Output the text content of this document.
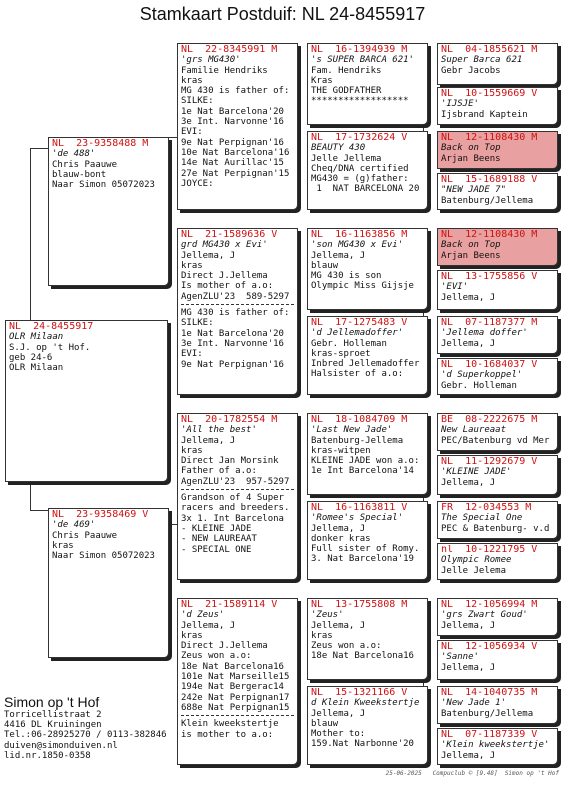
Stamkaart Postduif: NL 24-8455917
NL  24-8455917
OLR Milaan
S.J. op 't Hof.
geb 24-6
OLR Milaan
NL  23-9358488 M
'de 488'
Chris Paauwe
blauw-bont
Naar Simon 05072023
NL  23-9358469 V
'de 469'
Chris Paauwe
kras
Naar Simon 05072023
NL  22-8345991 M
'grs MG430'
Familie Hendriks
kras
MG 430 is father of:
SILKE:
1e Nat Barcelona'20
3e Int. Narvonne'16
EVI:
9e Nat Perpignan'16
10e Nat Barcelona'16
14e Nat Aurillac'15
27e Nat Perpignan'15
JOYCE:
NL  21-1589636 V
grd MG430 x Evi'
Jellema, J
kras
Direct J.Jellema
Is mother of a.o:
AgenZLU'23  589-5297
MG 430 is father of:
SILKE:
1e Nat Barcelona'20
3e Int. Narvonne'16
EVI:
9e Nat Perpignan'16
NL  20-1782554 M
'All the best'
Jellema, J
kras
Direct Jan Morsink
Father of a.o:
AgenZLU'23  957-5297
Grandson of 4 Super
racers and breeders.
3x 1. Int Barcelona
- KLEINE JADE
- NEW LAUREAAT
- SPECIAL ONE
NL  21-1589114 V
'd Zeus'
Jellema, J
kras
Direct J.Jellema
Zeus won a.o:
18e Nat Barcelona16
101e Nat Marseille15
194e Nat Bergerac14
242e Nat Perpignan17
688e Nat Perpignan15
Klein kweekstertje
is mother to a.o:
NL  16-1394939 M
's SUPER BARCA 621'
Fam. Hendriks
Kras
THE GODFATHER
******************
NL  17-1732624 V
BEAUTY 430
Jelle Jellema
Cheq/DNA certified
MG430 = (g)father:
1  NAT BARCELONA 20
NL  16-1163856 M
'son MG430 x Evi'
Jellema, J
blauw
MG 430 is son
Olympic Miss Gijsje
NL  17-1275483 V
'd Jellemadoffer'
Gebr. Holleman
kras-sproet
Inbred Jellemadoffer
Halsister of a.o:
NL  18-1084709 M
'Last New Jade'
Batenburg-Jellema
kras-witpen
KLEINE JADE won a.o:
1e Int Barcelona'14
NL  16-1163811 V
'Romee's Special'
Jellema, J
donker kras
Full sister of Romy.
3. Nat Barcelona'19
NL  13-1755808 M
'Zeus'
Jellema, J
kras
Zeus won a.o:
18e Nat Barcelona16
NL  15-1321166 V
d Klein Kweekstertje
Jellema, J
blauw
Mother to:
159.Nat Narbonne'20
NL  04-1855621 M
Super Barca 621
Gebr Jacobs
NL  10-1559669 V
'IJSJE'
Ijsbrand Kaptein
NL  12-1108430 M
Back on Top
Arjan Beens
NL  15-1689188 V
"NEW JADE 7"
Batenburg/Jellema
NL  12-1108430 M
Back on Top
Arjan Beens
NL  13-1755856 V
'EVI'
Jellema, J
NL  07-1187377 M
'Jellema doffer'
Jellema, J
NL  10-1684037 V
'd Superkoppel'
Gebr. Holleman
BE  08-2222675 M
New Laureaat
PEC/Batenburg vd Mer
NL  11-1292679 V
'KLEINE JADE'
Jellema, J
FR  12-034553 M
The Special One
PEC & Batenburg- v.d
nl  10-1221795 V
Olympic Romee
Jelle Jelema
NL  12-1056994 M
'grs Zwart Goud'
Jellema, J
NL  12-1056934 V
'Sanne'
Jellema, J
NL  14-1040735 M
'New Jade 1'
Batenburg/Jellema
NL  07-1187339 V
'Klein kweekstertje'
Jellema, J
Simon op 't Hof
Torricellistraat 2
4416 DL Kruiningen
Tel.:06-28925270 / 0113-382846
duiven@simonduiven.nl
lid.nr.1850-0358
25-06-2025   Compuclub © [9.48]  Simon op 't Hof
